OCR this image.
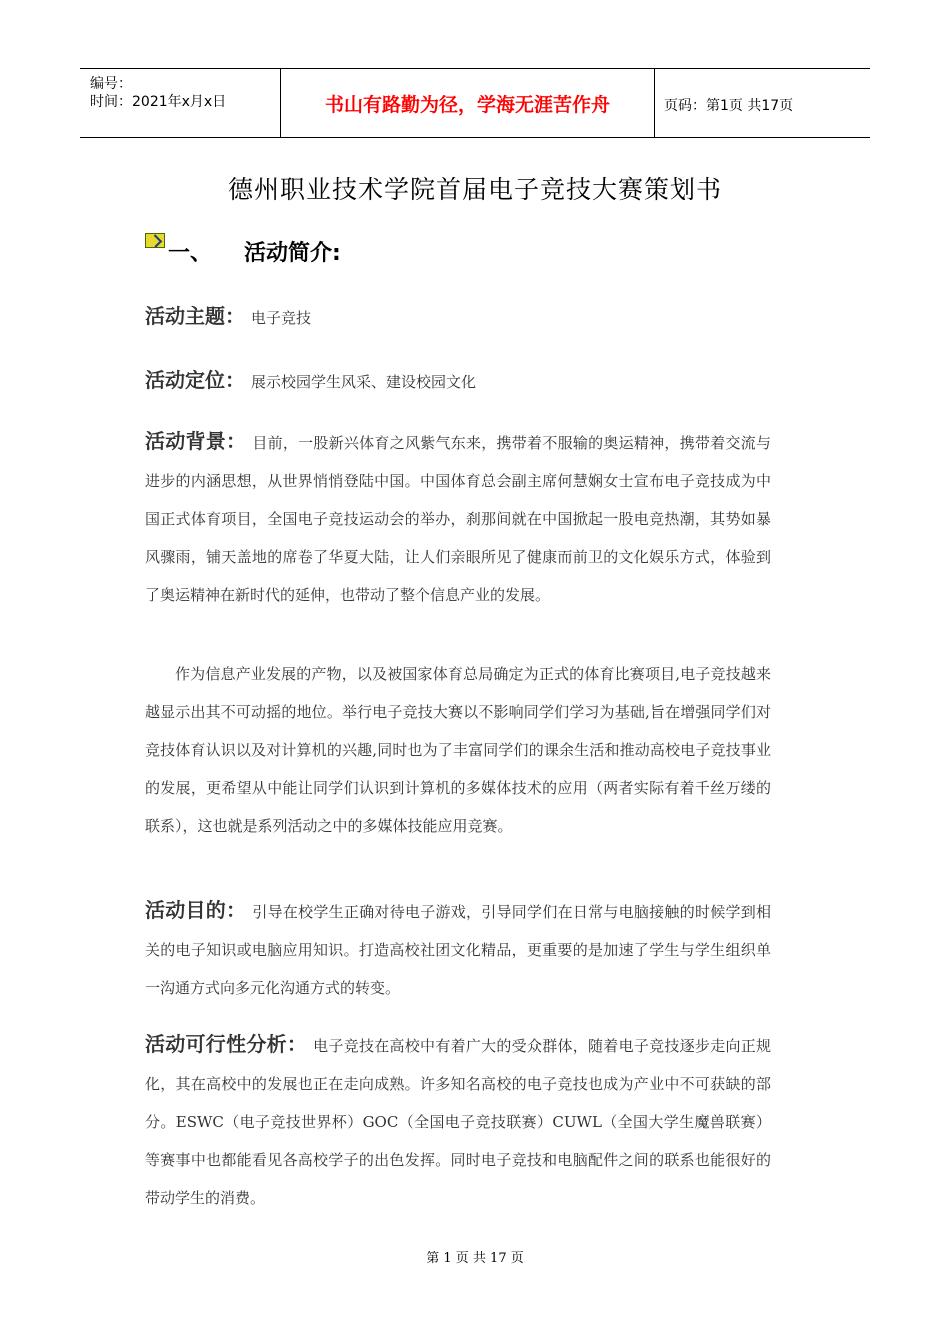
编号：
时间：2021年x月x日	书山有路勤为径，学海无涯苦作舟	页码：第1页 共17页
德州职业技术学院首届电子竞技大赛策划书
一、 活动简介:
活动主题： 电子竞技
活动定位： 展示校园学生风采、建设校园文化
活动背景： 目前，一股新兴体育之风紫气东来，携带着不服输的奥运精神，携带着交流与进步的内涵思想，从世界悄悄登陆中国。中国体育总会副主席何慧娴女士宣布电子竞技成为中国正式体育项目，全国电子竞技运动会的举办，刹那间就在中国掀起一股电竞热潮，其势如暴风骤雨，铺天盖地的席卷了华夏大陆，让人们亲眼所见了健康而前卫的文化娱乐方式，体验到了奥运精神在新时代的延伸，也带动了整个信息产业的发展。
作为信息产业发展的产物，以及被国家体育总局确定为正式的体育比赛项目,电子竞技越来越显示出其不可动摇的地位。举行电子竞技大赛以不影响同学们学习为基础,旨在增强同学们对竞技体育认识以及对计算机的兴趣,同时也为了丰富同学们的课余生活和推动高校电子竞技事业的发展，更希望从中能让同学们认识到计算机的多媒体技术的应用（两者实际有着千丝万缕的联系），这也就是系列活动之中的多媒体技能应用竞赛。
活动目的： 引导在校学生正确对待电子游戏，引导同学们在日常与电脑接触的时候学到相关的电子知识或电脑应用知识。打造高校社团文化精品，更重要的是加速了学生与学生组织单一沟通方式向多元化沟通方式的转变。
活动可行性分析： 电子竞技在高校中有着广大的受众群体，随着电子竞技逐步走向正规化，其在高校中的发展也正在走向成熟。许多知名高校的电子竞技也成为产业中不可获缺的部分。ESWC（电子竞技世界杯）GOC（全国电子竞技联赛）CUWL（全国大学生魔兽联赛）等赛事中也都能看见各高校学子的出色发挥。同时电子竞技和电脑配件之间的联系也能很好的带动学生的消费。
第 1 页 共 17 页
